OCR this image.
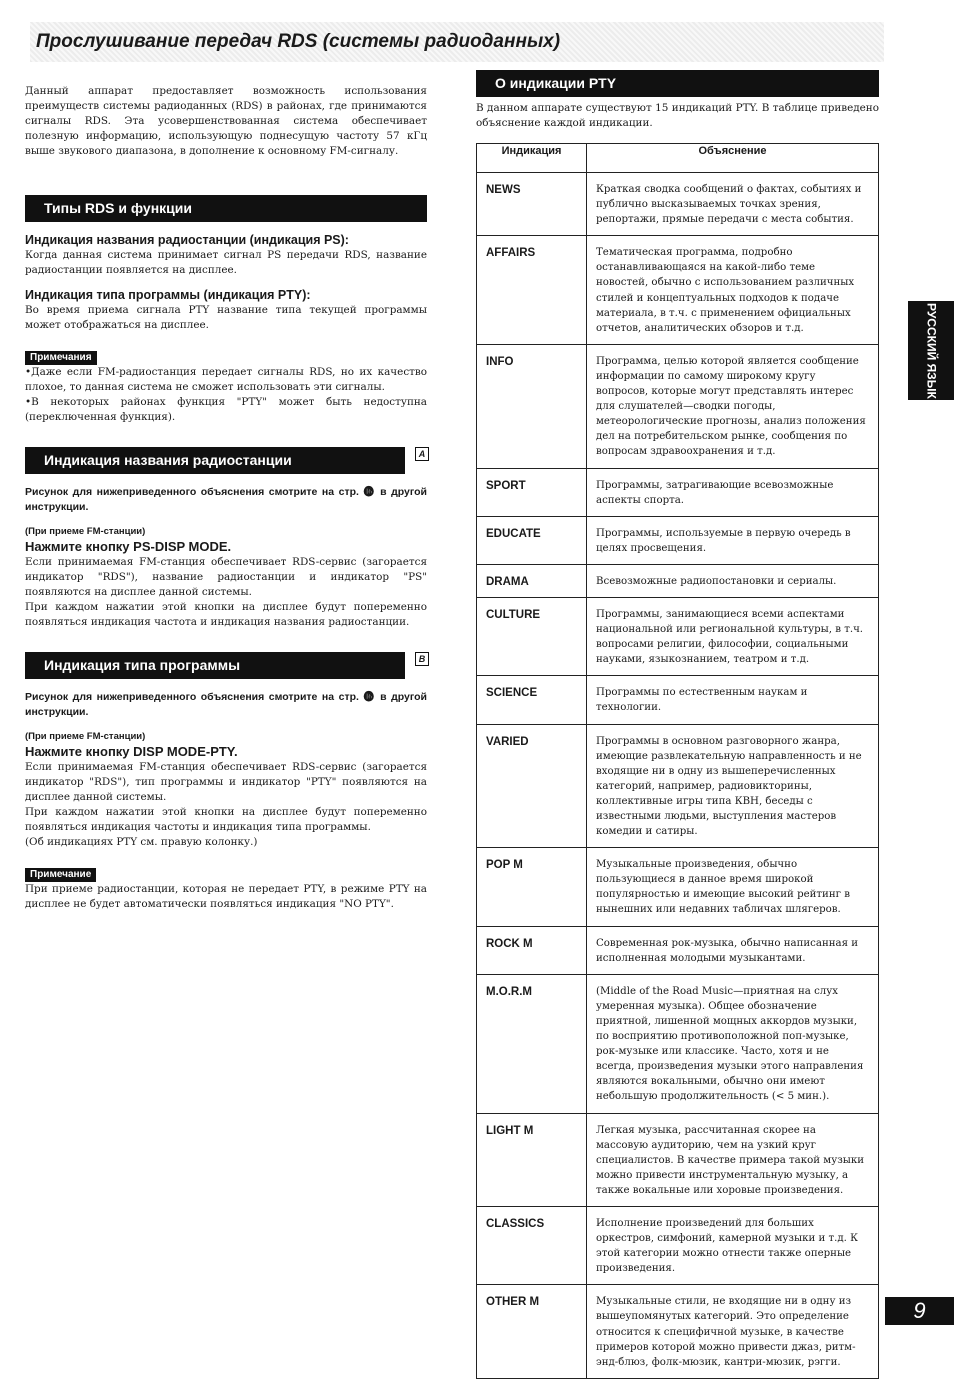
Прослушивание передач RDS (системы радиоданных)

Данный аппарат предоставляет возможность использования преимуществ системы радиоданных (RDS) в районах, где принимаются сигналы RDS. Эта усовершенствованная система обеспечивает полезную информацию, использующую поднесущую частоту 57 кГц выше звукового диапазона, в дополнение к основному FM-сигналу.

Типы RDS и функции

Индикация названия радиостанции (индикация PS):

Когда данная система принимает сигнал PS передачи RDS, название радиостанции появляется на дисплее.

Индикация типа программы (индикация PTY):

Во время приема сигнала PTY название типа текущей программы может отображаться на дисплее.

Примечания

•Даже если FM-радиостанция передает сигналы RDS, но их качество плохое, то данная система не сможет использовать эти сигналы.

•В некоторых районах функция "PTY" может быть недоступна (переключенная функция).

Индикация названия радиостанции	A

Рисунок для нижеприведенного объяснения смотрите на стр. ⓰ в другой инструкции.

(При приеме FM-станции)

Нажмите кнопку PS-DISP MODE.

Если принимаемая FM-станция обеспечивает RDS-сервис (загорается индикатор "RDS"), название радиостанции и индикатор "PS" появляются на дисплее данной системы.

При каждом нажатии этой кнопки на дисплее будут попеременно появляться индикация частота и индикация названия радиостанции.

Индикация типа программы	B

Рисунок для нижеприведенного объяснения смотрите на стр. ⓰ в другой инструкции.

(При приеме FM-станции)

Нажмите кнопку DISP MODE-PTY.

Если принимаемая FM-станция обеспечивает RDS-сервис (загорается индикатор "RDS"), тип программы и индикатор "PTY" появляются на дисплее данной системы.

При каждом нажатии этой кнопки на дисплее будут попеременно появляться индикация частоты и индикация типа программы.

(Об индикациях PTY см. правую колонку.)

Примечание

При приеме радиостанции, которая не передает PTY, в режиме PTY на дисплее не будет автоматически появляться индикация "NO PTY".

О индикации PTY

В данном аппарате существуют 15 индикаций PTY. В таблице приведено объяснение каждой индикации.

Индикация	Объяснение
NEWS	Краткая сводка сообщений о фактах, событиях и публично высказываемых точках зрения, репортажи, прямые передачи с места события.
AFFAIRS	Тематическая программа, подробно останавливающаяся на какой-либо теме новостей, обычно с использованием различных стилей и концептуальных подходов к подаче материала, в т.ч. с применением официальных отчетов, аналитических обзоров и т.д.
INFO	Программа, целью которой является сообщение информации по самому широкому кругу вопросов, которые могут представлять интерес для слушателей—сводки погоды, метеорологические прогнозы, анализ положения дел на потребительском рынке, сообщения по вопросам здравоохранения и т.д.
SPORT	Программы, затрагивающие всевозможные аспекты спорта.
EDUCATE	Программы, используемые в первую очередь в целях просвещения.
DRAMA	Всевозможные радиопостановки и сериалы.
CULTURE	Программы, занимающиеся всеми аспектами национальной или региональной культуры, в т.ч. вопросами религии, философии, социальными науками, языкознанием, театром и т.д.
SCIENCE	Программы по естественным наукам и технологии.
VARIED	Программы в основном разговорного жанра, имеющие развлекательную направленность и не входящие ни в одну из вышеперечисленных категорий, например, радиовикторины, коллективные игры типа КВН, беседы с известными людьми, выступления мастеров комедии и сатиры.
POP M	Музыкальные произведения, обычно пользующиеся в данное время широкой популярностью и имеющие высокий рейтинг в нынешних или недавних табличах шлягеров.
ROCK M	Современная рок-музыка, обычно написанная и исполненная молодыми музыкантами.
M.O.R.M	(Middle of the Road Music—приятная на слух умеренная музыка). Общее обозначение приятной, лишенной мощных аккордов музыки, по восприятию противоположной поп-музыке, рок-музыке или классике. Часто, хотя и не всегда, произведения музыки этого направления являются вокальными, обычно они имеют небольшую продолжительность (< 5 мин.).
LIGHT M	Легкая музыка, рассчитанная скорее на массовую аудиторию, чем на узкий круг специалистов. В качестве примера такой музыки можно привести инструментальную музыку, а также вокальные или хоровые произведения.
CLASSICS	Исполнение произведений для больших оркестров, симфоний, камерной музыки и т.д. К этой категории можно отнести также оперные произведения.
OTHER M	Музыкальные стили, не входящие ни в одну из вышеупомянутых категорий. Это определение относится к специфичной музыке, в качестве примеров которой можно привести джаз, ритм-энд-блюз, фолк-мюзик, кантри-мюзик, рэгги.
РУССКИЙ ЯЗЫК
9
